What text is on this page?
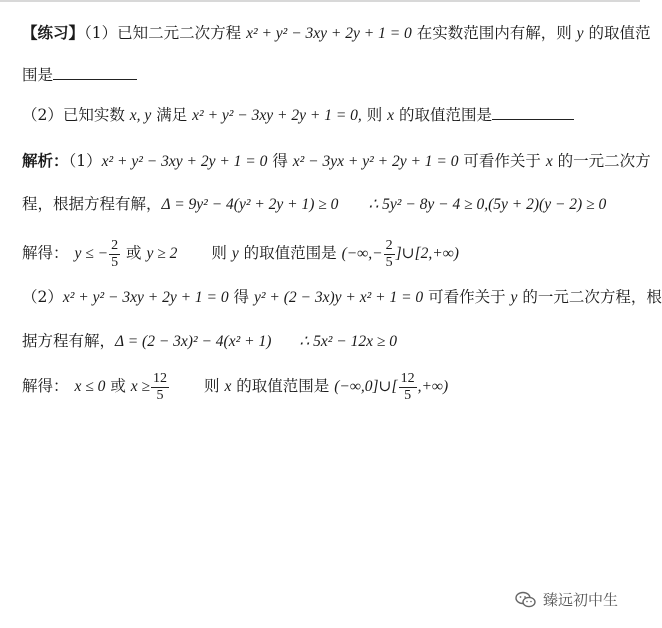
【练习】（1）已知二元二次方程 x² + y² − 3xy + 2y + 1 = 0 在实数范围内有解，则 y 的取值范
围是
（2）已知实数 x, y 满足 x² + y² − 3xy + 2y + 1 = 0, 则 x 的取值范围是
解析：（1）x² + y² − 3xy + 2y + 1 = 0 得 x² − 3yx + y² + 2y + 1 = 0 可看作关于 x 的一元二次方
程，根据方程有解，Δ = 9y² − 4(y² + 2y + 1) ≥ 0 ∴ 5y² − 8y − 4 ≥ 0,(5y + 2)(y − 2) ≥ 0
解得： y ≤ − $\frac{2}{5}$ 或 y ≥ 2 则 y 的取值范围是 (−∞,− $\frac{2}{5}$ ]∪[2,+∞)
（2）x² + y² − 3xy + 2y + 1 = 0 得 y² + (2 − 3x)y + x² + 1 = 0 可看作关于 y 的一元二次方程，根
据方程有解，Δ = (2 − 3x)² − 4(x² + 1) ∴ 5x² − 12x ≥ 0
解得： x ≤ 0 或 $x \ge \frac{12}{5}$ 则 x 的取值范围是 (−∞,0]∪[ $\frac{12}{5}$ ,+∞)
臻远初中生
